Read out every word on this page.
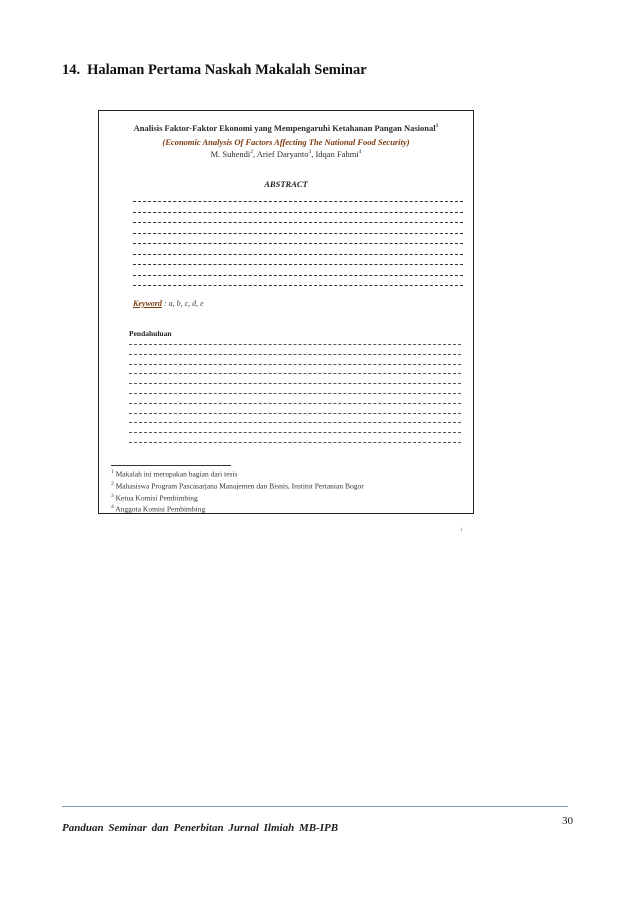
14. Halaman Pertama Naskah Makalah Seminar
Analisis Faktor-Faktor Ekonomi yang Mempengaruhi Ketahanan Pangan Nasional$^1$
(Economic Analysis Of Factors Affecting The National Food Security)
M. Suhendi$^2$, Arief Daryanto$^3$, Idqan Fahmi$^4$
ABSTRACT
Keyword : a, b, c, d, e
Pendahuluan
$^1$ Makalah ini merupakan bagian dari tesis
$^2$ Mahasiswa Program Pascasarjana Manajemen dan Bisnis, Institut Pertanian Bogor
$^3$ Ketua Komisi Pembimbing
$^4$ Anggota Komisi Pembimbing
1
Panduan Seminar dan Penerbitan Jurnal Ilmiah MB-IPB
30
